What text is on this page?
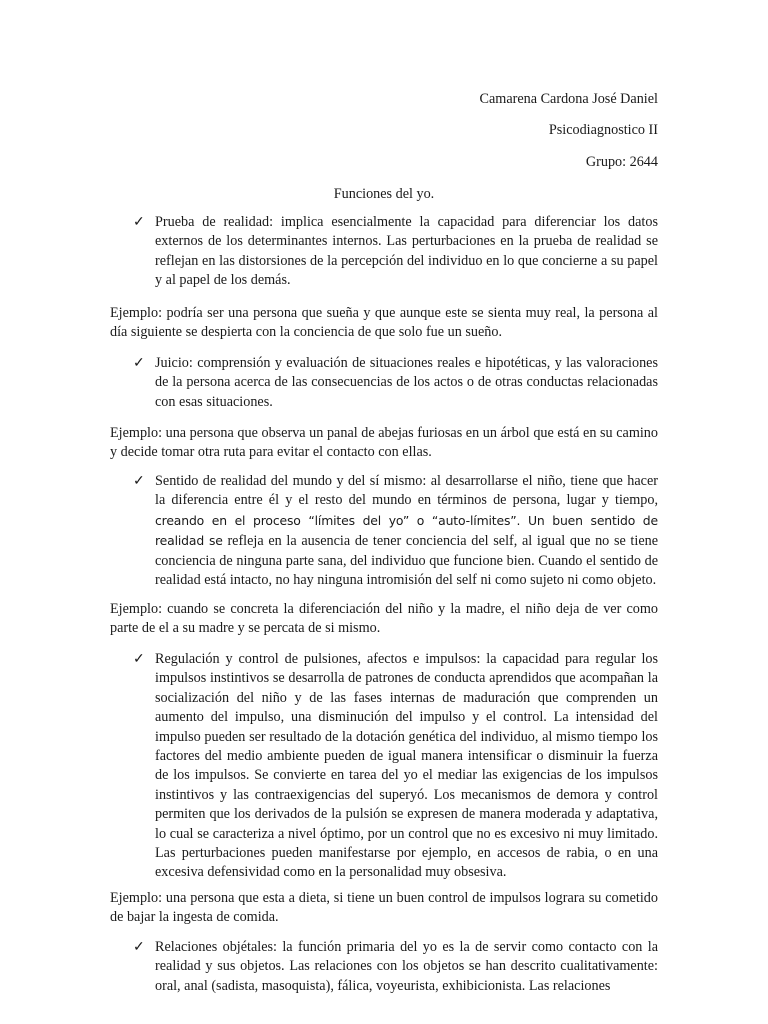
Camarena Cardona José Daniel
Psicodiagnostico II
Grupo: 2644
Funciones del yo.
✓ Prueba de realidad: implica esencialmente la capacidad para diferenciar los datos externos de los determinantes internos. Las perturbaciones en la prueba de realidad se reflejan en las distorsiones de la percepción del individuo en lo que concierne a su papel y al papel de los demás.

Ejemplo: podría ser una persona que sueña y que aunque este se sienta muy real, la persona al día siguiente se despierta con la conciencia de que solo fue un sueño.

✓ Juicio: comprensión y evaluación de situaciones reales e hipotéticas, y las valoraciones de la persona acerca de las consecuencias de los actos o de otras conductas relacionadas con esas situaciones.

Ejemplo: una persona que observa un panal de abejas furiosas en un árbol que está en su camino y decide tomar otra ruta para evitar el contacto con ellas.

✓ Sentido de realidad del mundo y del sí mismo: al desarrollarse el niño, tiene que hacer la diferencia entre él y el resto del mundo en términos de persona, lugar y tiempo, creando en el proceso “límites del yo” o “auto-límites”. Un buen sentido de realidad se refleja en la ausencia de tener conciencia del self, al igual que no se tiene conciencia de ninguna parte sana, del individuo que funcione bien. Cuando el sentido de realidad está intacto, no hay ninguna intromisión del self ni como sujeto ni como objeto.

Ejemplo: cuando se concreta la diferenciación del niño y la madre, el niño deja de ver como parte de el a su madre y se percata de si mismo.

✓ Regulación y control de pulsiones, afectos e impulsos: la capacidad para regular los impulsos instintivos se desarrolla de patrones de conducta aprendidos que acompañan la socialización del niño y de las fases internas de maduración que comprenden un aumento del impulso, una disminución del impulso y el control. La intensidad del impulso pueden ser resultado de la dotación genética del individuo, al mismo tiempo los factores del medio ambiente pueden de igual manera intensificar o disminuir la fuerza de los impulsos. Se convierte en tarea del yo el mediar las exigencias de los impulsos instintivos y las contraexigencias del superyó. Los mecanismos de demora y control permiten que los derivados de la pulsión se expresen de manera moderada y adaptativa, lo cual se caracteriza a nivel óptimo, por un control que no es excesivo ni muy limitado. Las perturbaciones pueden manifestarse por ejemplo, en accesos de rabia, o en una excesiva defensividad como en la personalidad muy obsesiva.

Ejemplo: una persona que esta a dieta, si tiene un buen control de impulsos lograra su cometido de bajar la ingesta de comida.

✓ Relaciones objétales: la función primaria del yo es la de servir como contacto con la realidad y sus objetos. Las relaciones con los objetos se han descrito cualitativamente: oral, anal (sadista, masoquista), fálica, voyeurista, exhibicionista. Las relaciones
